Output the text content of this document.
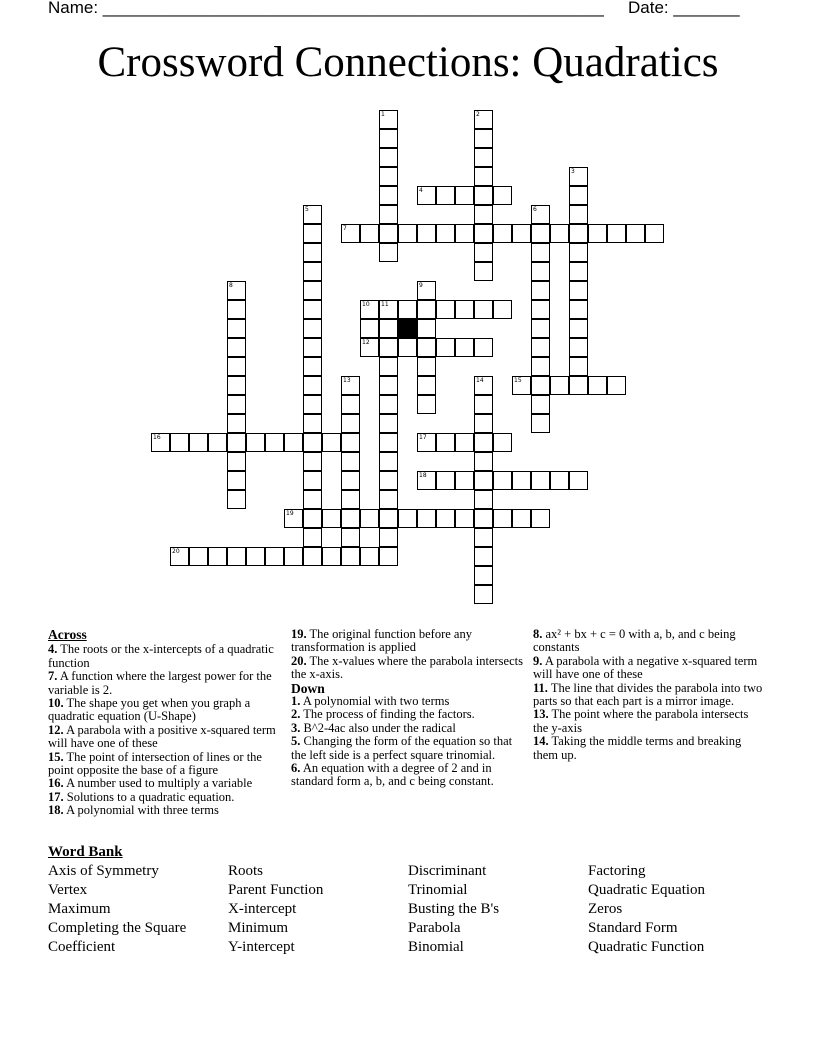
Name: _____________________________________________________ Date: _______
Crossword Connections: Quadratics
1	2
3
4
5	6
7
8	9
10 11
12
13	14	15
16	17
18
19
20

Across

4. The roots or the x-intercepts of a quadratic function

7. A function where the largest power for the variable is 2.

10. The shape you get when you graph a quadratic equation (U-Shape)

12. A parabola with a positive x-squared term will have one of these

15. The point of intersection of lines or the point opposite the base of a figure

16. A number used to multiply a variable

17. Solutions to a quadratic equation.

18. A polynomial with three terms

19. The original function before any transformation is applied

20. The x-values where the parabola intersects the x-axis.

Down

1. A polynomial with two terms

2. The process of finding the factors.

3. B^2-4ac also under the radical

5. Changing the form of the equation so that the left side is a perfect square trinomial.

6. An equation with a degree of 2 and in standard form a, b, and c being constant.

8. ax² + bx + c = 0 with a, b, and c being constants

9. A parabola with a negative x-squared term will have one of these

11. The line that divides the parabola into two parts so that each part is a mirror image.

13. The point where the parabola intersects the y-axis

14. Taking the middle terms and breaking them up.

Word Bank

Axis of Symmetry	Roots	Discriminant	Factoring
Vertex	Parent Function	Trinomial	Quadratic Equation
Maximum	X-intercept	Busting the B's	Zeros
Completing the Square	Minimum	Parabola	Standard Form
Coefficient	Y-intercept	Binomial	Quadratic Function
